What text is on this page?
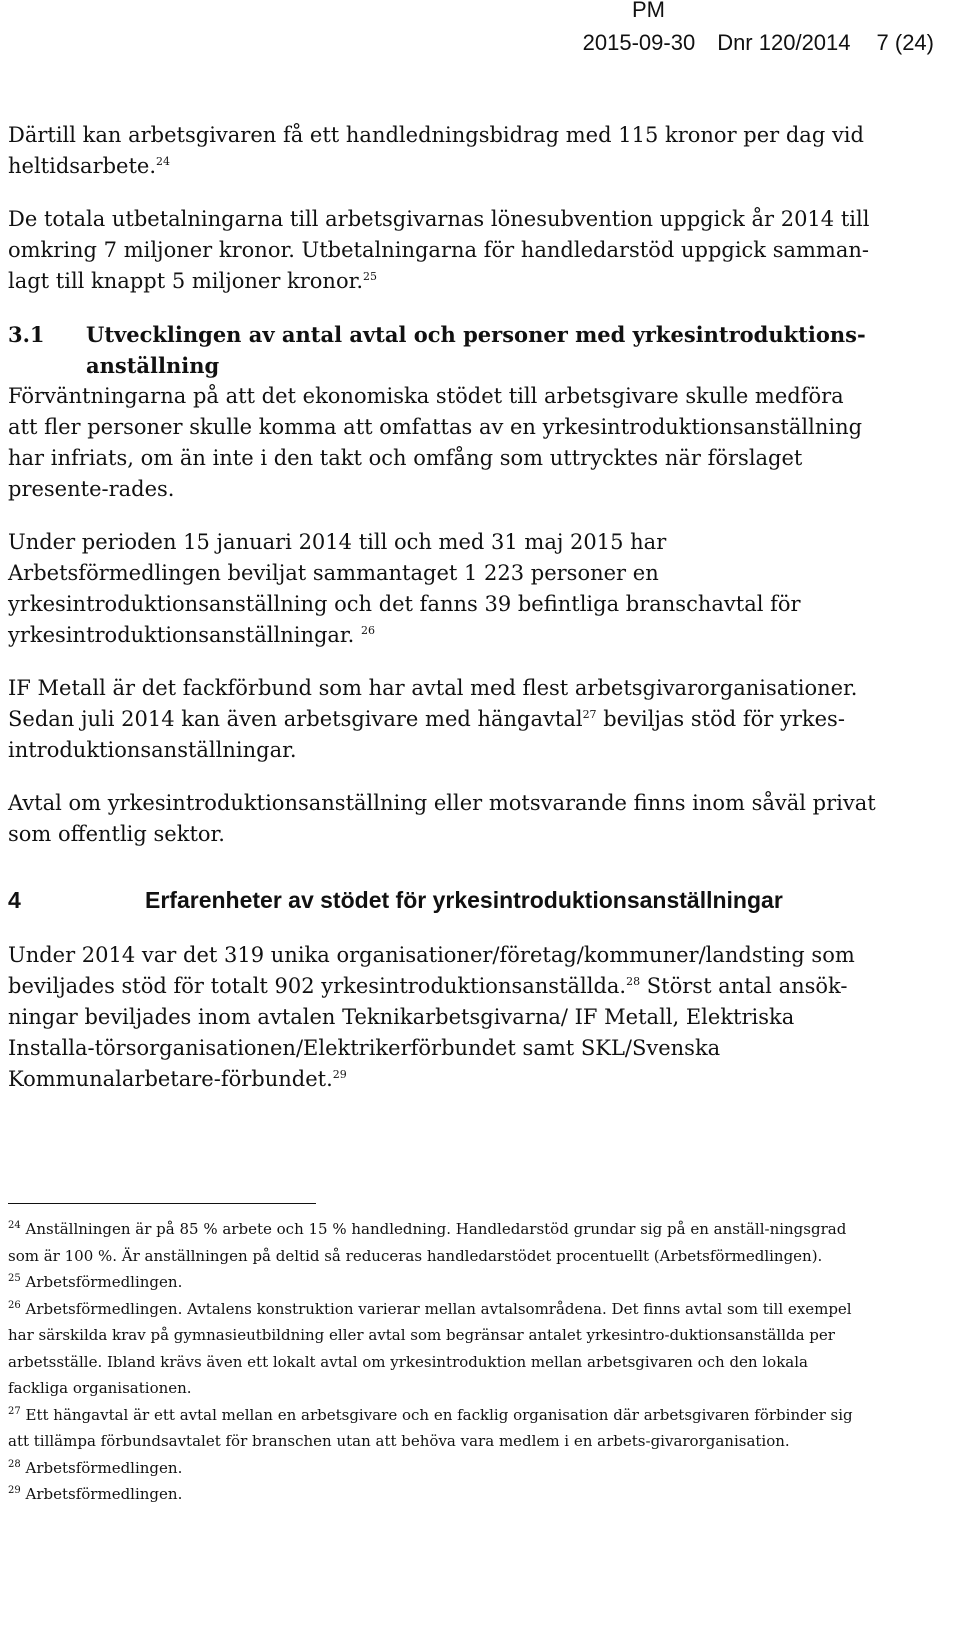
PM
2015-09-30 Dnr 120/2014 7 (24)

Därtill kan arbetsgivaren få ett handledningsbidrag med 115 kronor per dag vid heltidsarbete.$^{24}$

De totala utbetalningarna till arbetsgivarnas lönesubvention uppgick år 2014 till omkring 7 miljoner kronor. Utbetalningarna för handledarstöd uppgick samman-lagt till knappt 5 miljoner kronor.$^{25}$

3.1	Utvecklingen av antal avtal och personer med yrkesintroduktions-anställning

Förväntningarna på att det ekonomiska stödet till arbetsgivare skulle medföra att fler personer skulle komma att omfattas av en yrkesintroduktionsanställning har infriats, om än inte i den takt och omfång som uttrycktes när förslaget presente-rades.

Under perioden 15 januari 2014 till och med 31 maj 2015 har Arbetsförmedlingen beviljat sammantaget 1 223 personer en yrkesintroduktionsanställning och det fanns 39 befintliga branschavtal för yrkesintroduktionsanställningar. $^{26}$

IF Metall är det fackförbund som har avtal med flest arbetsgivarorganisationer. Sedan juli 2014 kan även arbetsgivare med hängavtal$^{27}$ beviljas stöd för yrkes-introduktionsanställningar.

Avtal om yrkesintroduktionsanställning eller motsvarande finns inom såväl privat som offentlig sektor.

4	Erfarenheter av stödet för yrkesintroduktionsanställningar

Under 2014 var det 319 unika organisationer/företag/kommuner/landsting som beviljades stöd för totalt 902 yrkesintroduktionsanställda.$^{28}$ Störst antal ansök-ningar beviljades inom avtalen Teknikarbetsgivarna/ IF Metall, Elektriska Installa-törsorganisationen/Elektrikerförbundet samt SKL/Svenska Kommunalarbetare-förbundet.$^{29}$

$^{24}$ Anställningen är på 85 % arbete och 15 % handledning. Handledarstöd grundar sig på en anställ-ningsgrad som är 100 %. Är anställningen på deltid så reduceras handledarstödet procentuellt (Arbetsförmedlingen).

$^{25}$ Arbetsförmedlingen.

$^{26}$ Arbetsförmedlingen. Avtalens konstruktion varierar mellan avtalsområdena. Det finns avtal som till exempel har särskilda krav på gymnasieutbildning eller avtal som begränsar antalet yrkesintro-duktionsanställda per arbetsställe. Ibland krävs även ett lokalt avtal om yrkesintroduktion mellan arbetsgivaren och den lokala fackliga organisationen.

$^{27}$ Ett hängavtal är ett avtal mellan en arbetsgivare och en facklig organisation där arbetsgivaren förbinder sig att tillämpa förbundsavtalet för branschen utan att behöva vara medlem i en arbets-givarorganisation.

$^{28}$ Arbetsförmedlingen.

$^{29}$ Arbetsförmedlingen.
